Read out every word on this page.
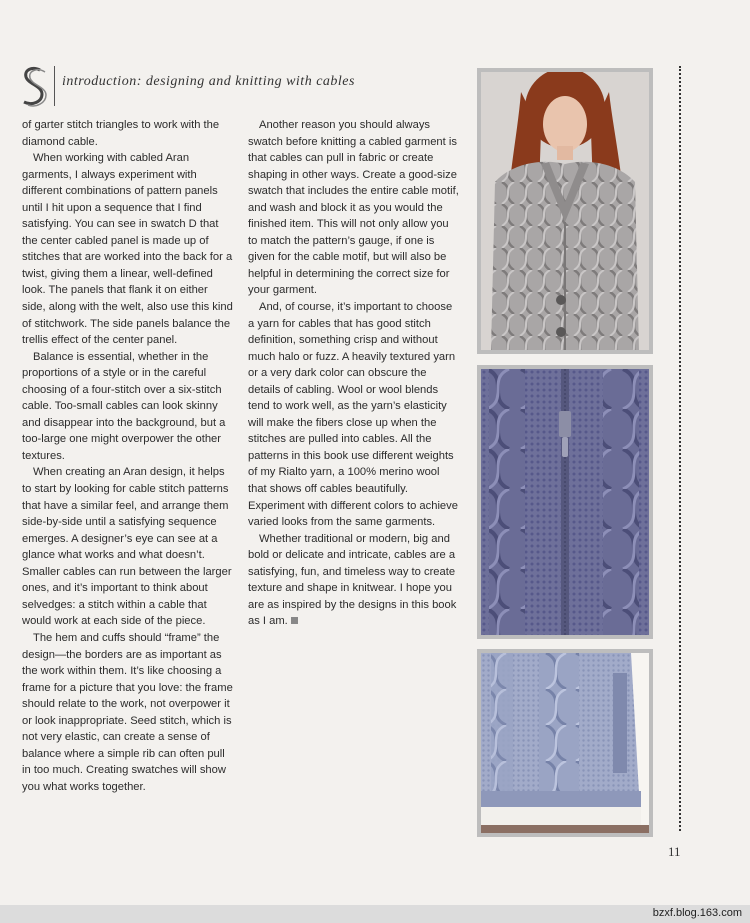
introduction: designing and knitting with cables

of garter stitch triangles to work with the diamond cable.

When working with cabled Aran garments, I always experiment with different combinations of pattern panels until I hit upon a sequence that I find satisfying. You can see in swatch D that the center cabled panel is made up of stitches that are worked into the back for a twist, giving them a linear, well-defined look. The panels that flank it on either side, along with the welt, also use this kind of stitchwork. The side panels balance the trellis effect of the center panel.

Balance is essential, whether in the proportions of a style or in the careful choosing of a four-stitch over a six-stitch cable. Too-small cables can look skinny and disappear into the background, but a too-large one might overpower the other textures.

When creating an Aran design, it helps to start by looking for cable stitch patterns that have a similar feel, and arrange them side-by-side until a satisfying sequence emerges. A designer’s eye can see at a glance what works and what doesn’t. Smaller cables can run between the larger ones, and it’s important to think about selvedges: a stitch within a cable that would work at each side of the piece.

The hem and cuffs should “frame” the design—the borders are as important as the work within them. It’s like choosing a frame for a picture that you love: the frame should relate to the work, not overpower it or look inappropriate. Seed stitch, which is not very elastic, can create a sense of balance where a simple rib can often pull in too much. Creating swatches will show you what works together.

Another reason you should always swatch before knitting a cabled garment is that cables can pull in fabric or create shaping in other ways. Create a good-size swatch that includes the entire cable motif, and wash and block it as you would the finished item. This will not only allow you to match the pattern’s gauge, if one is given for the cable motif, but will also be helpful in determining the correct size for your garment.

And, of course, it’s important to choose a yarn for cables that has good stitch definition, something crisp and without much halo or fuzz. A heavily textured yarn or a very dark color can obscure the details of cabling. Wool or wool blends tend to work well, as the yarn’s elasticity will make the fibers close up when the stitches are pulled into cables. All the patterns in this book use different weights of my Rialto yarn, a 100% merino wool that shows off cables beautifully. Experiment with different colors to achieve varied looks from the same garments.

Whether traditional or modern, big and bold or delicate and intricate, cables are a satisfying, fun, and timeless way to create texture and shape in knitwear. I hope you are as inspired by the designs in this book as I am.

11
bzxf.blog.163.com
